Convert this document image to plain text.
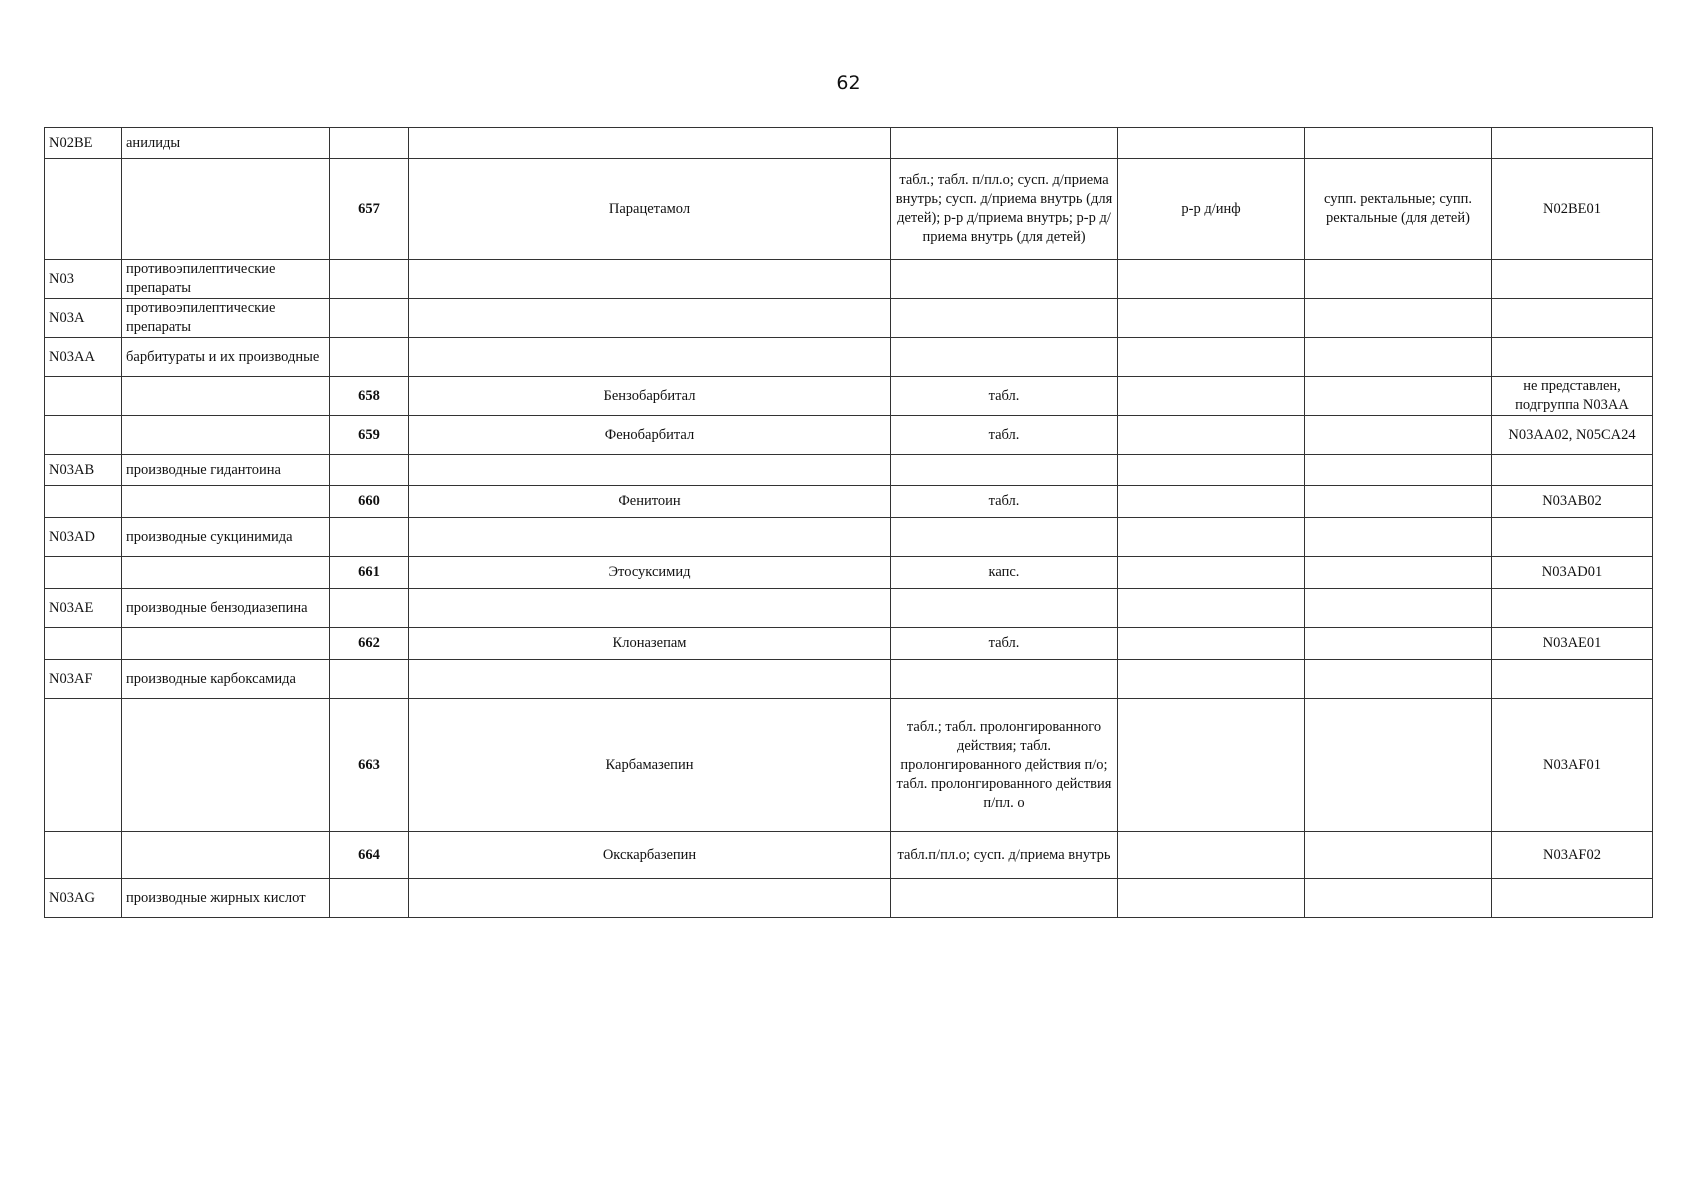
62
N02BE	анилиды						
		657	Парацетамол	табл.; табл. п/пл.о; сусп. д/приема внутрь; сусп. д/приема внутрь (для детей); р-р д/приема внутрь; р-р д/приема внутрь (для детей)	р-р д/инф	супп. ректальные; супп. ректальные (для детей)	N02BE01
N03	противоэпилептические препараты						
N03A	противоэпилептические препараты						
N03AA	барбитураты и их производные						
		658	Бензобарбитал	табл.			не представлен, подгруппа N03AA
		659	Фенобарбитал	табл.			N03AA02, N05CA24
N03AB	производные гидантоина						
		660	Фенитоин	табл.			N03AB02
N03AD	производные сукцинимида						
		661	Этосуксимид	капс.			N03AD01
N03AE	производные бензодиазепина						
		662	Клоназепам	табл.			N03AE01
N03AF	производные карбоксамида						
		663	Карбамазепин	табл.; табл. пролонгированного действия; табл. пролонгированного действия п/о; табл. пролонгированного действия п/пл. о			N03AF01
		664	Окскарбазепин	табл.п/пл.о; сусп. д/приема внутрь			N03AF02
N03AG	производные жирных кислот						
